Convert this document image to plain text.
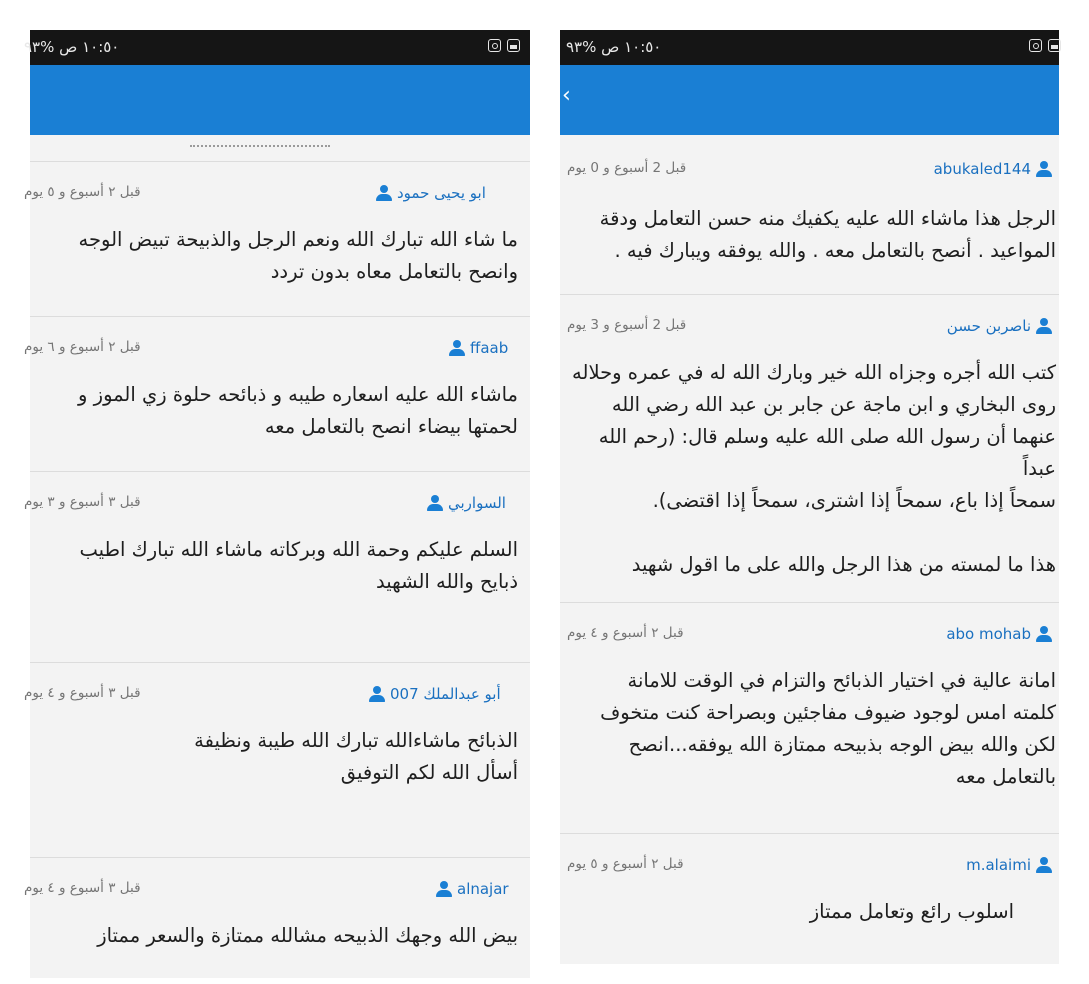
١٠:٥٠ ص %٩٣
قبل ٢ أسبوع و ٥ يوم	ابو يحيى حمود
ما شاء الله تبارك الله ونعم الرجل والذبيحة تبيض الوجه
وانصح بالتعامل معاه بدون تردد
قبل ٢ أسبوع و ٦ يوم	ffaab
ماشاء الله عليه اسعاره طيبه و ذبائحه حلوة زي الموز و
لحمتها بيضاء انصح بالتعامل معه
قبل ٣ أسبوع و ٣ يوم	السواربي
السلم عليكم وحمة الله وبركاته ماشاء الله تبارك اطيب
ذبايح والله الشهيد
قبل ٣ أسبوع و ٤ يوم	أبو عبدالملك 007
الذبائح ماشاءالله تبارك الله طيبة ونظيفة
أسأل الله لكم التوفيق
قبل ٣ أسبوع و ٤ يوم	alnajar
بيض الله وجهك الذبيحه مشالله ممتازة والسعر ممتاز
١٠:٥٠ ص %٩٣
‹
قبل 2 أسبوع و 0 يوم	abukaled144
الرجل هذا ماشاء الله عليه يكفيك منه حسن التعامل ودقة
المواعيد . أنصح بالتعامل معه . والله يوفقه ويبارك فيه .
قبل 2 أسبوع و 3 يوم	ناصربن حسن
كتب الله أجره وجزاه الله خير وبارك الله له في عمره وحلاله
روى البخاري و ابن ماجة عن جابر بن عبد الله رضي الله
عنهما أن رسول الله صلى الله عليه وسلم قال: (رحم الله عبداً
سمحاً إذا باع، سمحاً إذا اشترى، سمحاً إذا اقتضى).

هذا ما لمسته من هذا الرجل والله على ما اقول شهيد
قبل ٢ أسبوع و ٤ يوم	abo mohab
امانة عالية في اختيار الذبائح والتزام في الوقت للامانة
كلمته امس لوجود ضيوف مفاجئين وبصراحة كنت متخوف
لكن والله بيض الوجه بذبيحه ممتازة الله يوفقه...انصح
بالتعامل معه
قبل ٢ أسبوع و ٥ يوم	m.alaimi
اسلوب رائع وتعامل ممتاز
